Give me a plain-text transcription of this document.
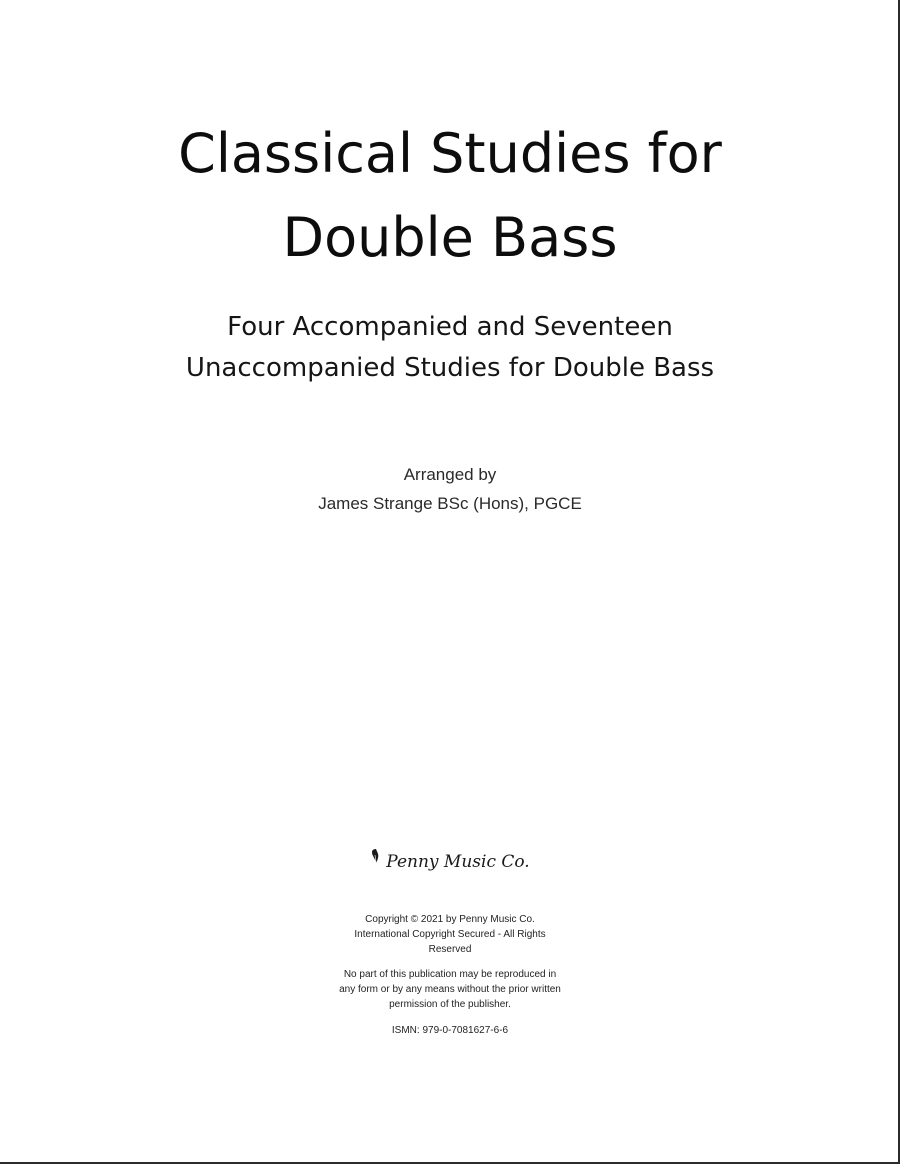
Classical Studies for
Double Bass
Four Accompanied and Seventeen
Unaccompanied Studies for Double Bass
Arranged by
James Strange BSc (Hons), PGCE
Penny Music Co.
Copyright © 2021 by Penny Music Co.
International Copyright Secured - All Rights
Reserved
No part of this publication may be reproduced in
any form or by any means without the prior written
permission of the publisher.
ISMN: 979-0-7081627-6-6
